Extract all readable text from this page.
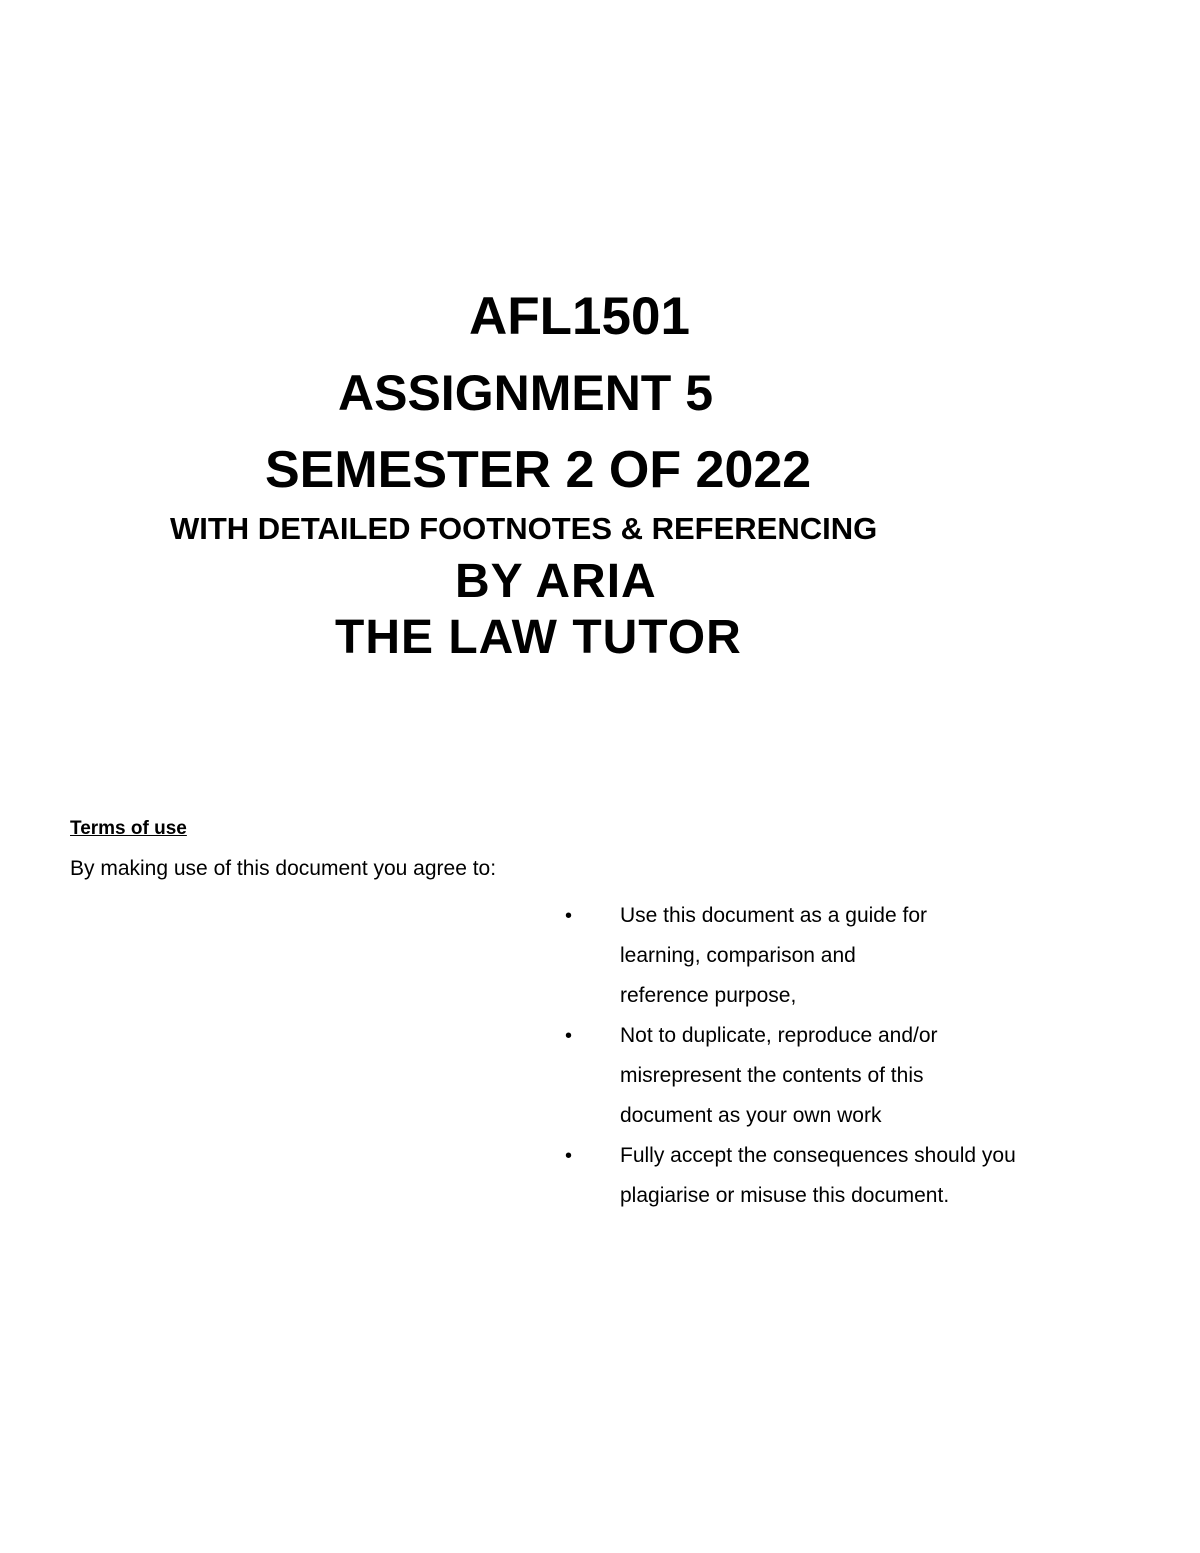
AFL1501
ASSIGNMENT 5
SEMESTER 2 OF 2022
WITH DETAILED FOOTNOTES & REFERENCING
BY ARIA
THE LAW TUTOR
Terms of use
By making use of this document you agree to:
• Use this document as a guide for
learning, comparison and
reference purpose,
• Not to duplicate, reproduce and/or
misrepresent the contents of this
document as your own work
• Fully accept the consequences should you
plagiarise or misuse this document.
